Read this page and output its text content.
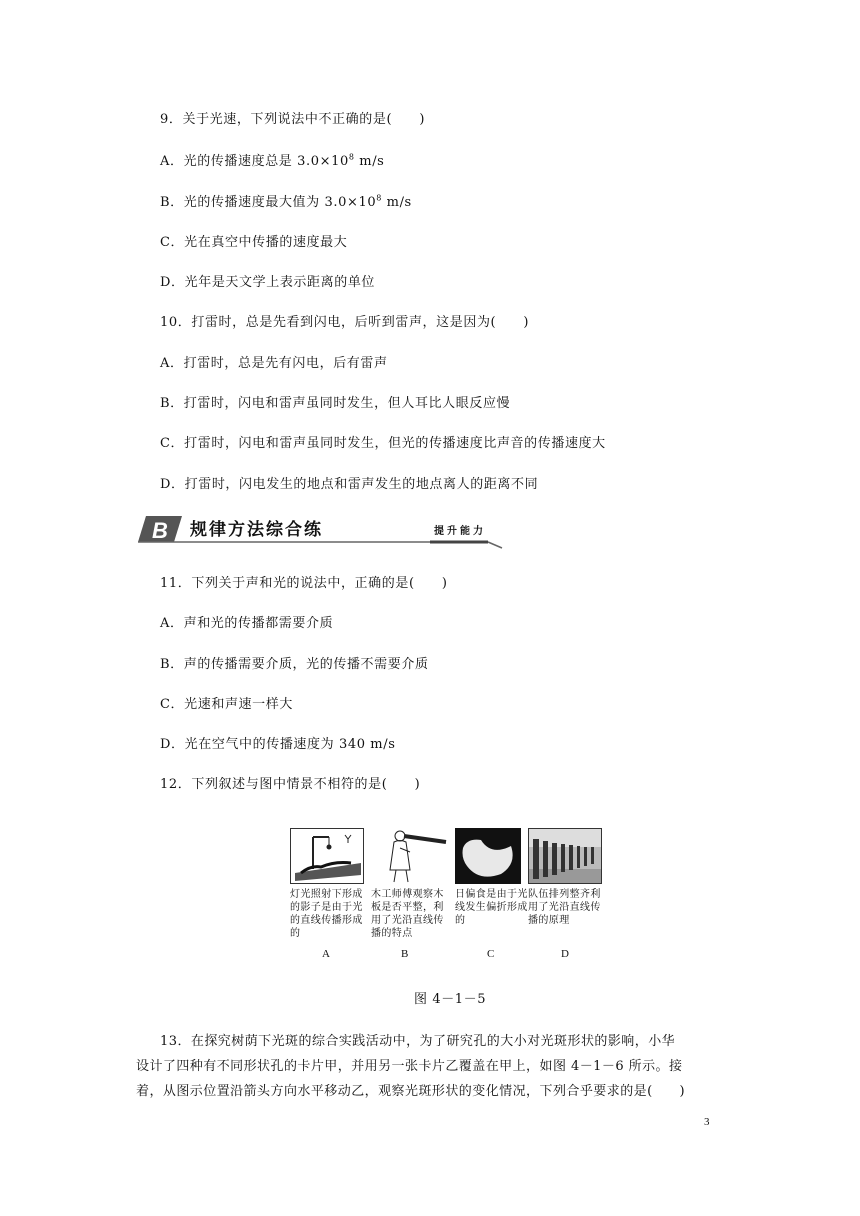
9．关于光速，下列说法中不正确的是(　　)
A．光的传播速度总是 $3.0\times 10^8$ m/s
B．光的传播速度最大值为 $3.0\times 10^8$ m/s
C．光在真空中传播的速度最大
D．光年是天文学上表示距离的单位
10．打雷时，总是先看到闪电，后听到雷声，这是因为(　　)
A．打雷时，总是先有闪电，后有雷声
B．打雷时，闪电和雷声虽同时发生，但人耳比人眼反应慢
C．打雷时，闪电和雷声虽同时发生，但光的传播速度比声音的传播速度大
D．打雷时，闪电发生的地点和雷声发生的地点离人的距离不同
B 规律方法综合练	提升能力
11．下列关于声和光的说法中，正确的是(　　)
A．声和光的传播都需要介质
B．声的传播需要介质，光的传播不需要介质
C．光速和声速一样大
D．光在空气中的传播速度为 340 m/s
12．下列叙述与图中情景不相符的是(　　)
灯光照射下形成的影子是由于光的直线传播形成的
木工师傅观察木板是否平整，利用了光沿直线传播的特点
日偏食是由于光线发生偏折形成的
队伍排列整齐利用了光沿直线传播的原理
A	B	C	D
图 4－1－5
13．在探究树荫下光斑的综合实践活动中，为了研究孔的大小对光斑形状的影响，小华
设计了四种有不同形状孔的卡片甲，并用另一张卡片乙覆盖在甲上，如图 4－1－6 所示。接
着，从图示位置沿箭头方向水平移动乙，观察光斑形状的变化情况，下列合乎要求的是(　　)
3
